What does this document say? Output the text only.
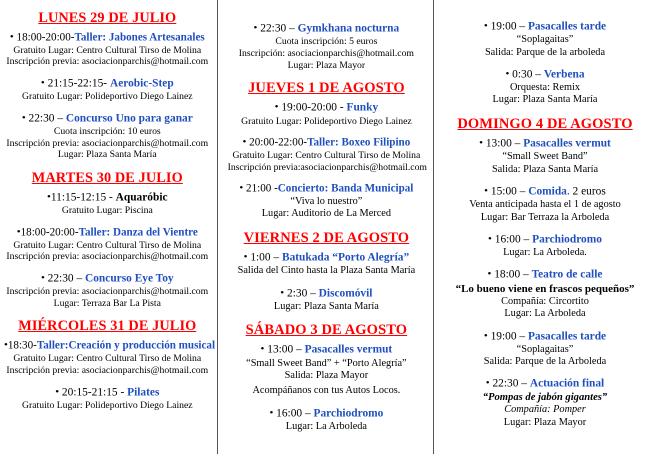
LUNES 29 DE JULIO
• 18:00-20:00-Taller: Jabones Artesanales
Gratuito Lugar: Centro Cultural Tirso de Molina
Inscripción previa: asociacionparchis@hotmail.com
• 21:15-22:15- Aerobic-Step
Gratuito Lugar: Polideportivo Diego Lainez
• 22:30 – Concurso Uno para ganar
Cuota inscripción: 10 euros
Inscripción previa: asociacionparchis@hotmail.com
Lugar: Plaza Santa María
MARTES 30 DE JULIO
•11:15-12:15 - Aquaróbic
Gratuito Lugar: Piscina
•18:00-20:00-Taller: Danza del Vientre
Gratuito Lugar: Centro Cultural Tirso de Molina
Inscripción previa: asociacionparchis@hotmail.com
• 22:30 – Concurso Eye Toy
Inscripción previa: asociacionparchis@hotmail.com
Lugar: Terraza Bar La Pista
MIÉRCOLES 31 DE JULIO
•18:30-Taller:Creación y producción musical
Gratuito Lugar: Centro Cultural Tirso de Molina
Inscripción previa: asociacionparchis@hotmail.com
• 20:15-21:15 - Pilates
Gratuito Lugar: Polideportivo Diego Lainez
• 22:30 – Gymkhana nocturna
Cuota inscripción: 5 euros
Inscripción: asociacionparchis@hotmail.com
Lugar: Plaza Mayor
JUEVES 1 DE AGOSTO
• 19:00-20:00 - Funky
Gratuito Lugar: Polideportivo Diego Lainez
• 20:00-22:00-Taller: Boxeo Filipino
Gratuito Lugar: Centro Cultural Tirso de Molina
Inscripción previa:asociacionparchis@hotmail.com
• 21:00 -Concierto: Banda Municipal
“Viva lo nuestro”
Lugar: Auditorio de La Merced
VIERNES 2 DE AGOSTO
• 1:00 – Batukada “Porto Alegría”
Salida del Cinto hasta la Plaza Santa María
• 2:30 – Discomóvil
Lugar: Plaza Santa María
SÁBADO 3 DE AGOSTO
• 13:00 – Pasacalles vermut
“Small Sweet Band” + “Porto Alegría”
Salida: Plaza Mayor
Acompáñanos con tus Autos Locos.
• 16:00 – Parchiodromo
Lugar: La Arboleda
• 19:00 – Pasacalles tarde
“Soplagaitas”
Salida: Parque de la arboleda
• 0:30 – Verbena
Orquesta: Remix
Lugar: Plaza Santa María
DOMINGO 4 DE AGOSTO
• 13:00 – Pasacalles vermut
“Small Sweet Band”
Salida: Plaza Santa María
• 15:00 – Comida. 2 euros
Venta anticipada hasta el 1 de agosto
Lugar: Bar Terraza la Arboleda
• 16:00 – Parchiodromo
Lugar: La Arboleda.
• 18:00 – Teatro de calle
“Lo bueno viene en frascos pequeños”
Compañía: Circortito
Lugar: La Arboleda
• 19:00 – Pasacalles tarde
“Soplagaitas”
Salida: Parque de la Arboleda
• 22:30 – Actuación final
“Pompas de jabón gigantes”
Compañía: Pomper
Lugar: Plaza Mayor
